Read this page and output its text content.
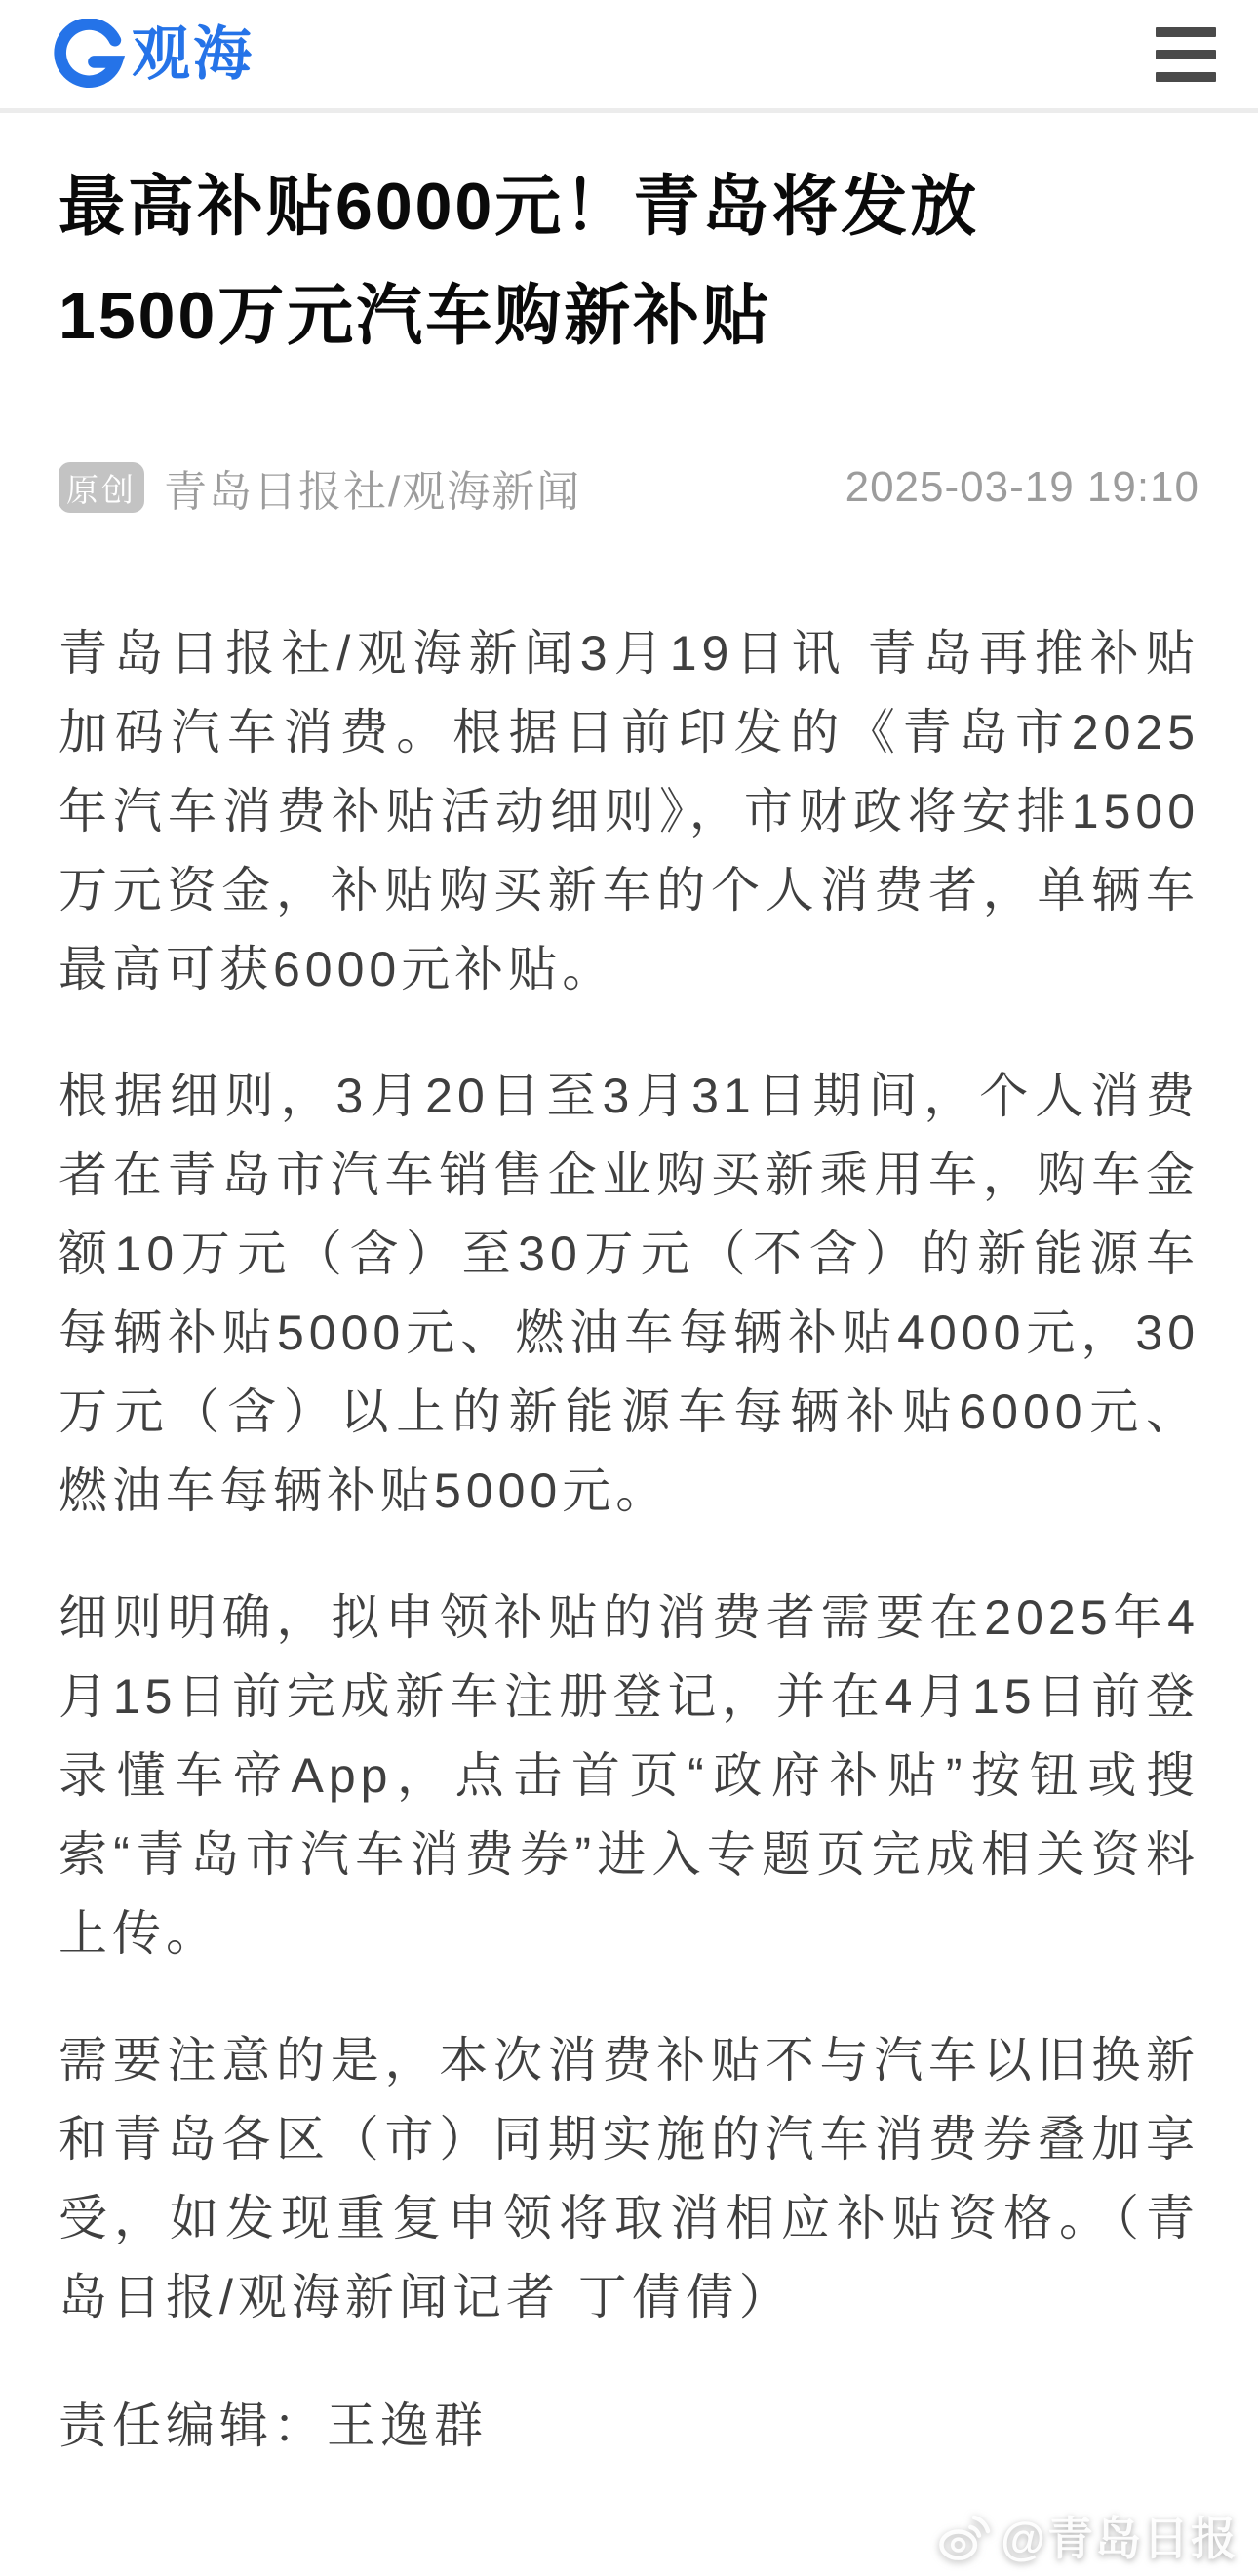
观海
最高补贴6000元！青岛将发放1500万元汽车购新补贴
原创 青岛日报社/观海新闻	2025-03-19 19:10

青岛日报社/观海新闻3月19日讯 青岛再推补贴加码汽车消费。根据日前印发的《青岛市2025年汽车消费补贴活动细则》，市财政将安排1500万元资金，补贴购买新车的个人消费者，单辆车最高可获6000元补贴。

根据细则，3月20日至3月31日期间，个人消费者在青岛市汽车销售企业购买新乘用车，购车金额10万元（含）至30万元（不含）的新能源车每辆补贴5000元、燃油车每辆补贴4000元，30万元（含）以上的新能源车每辆补贴6000元、燃油车每辆补贴5000元。

细则明确，拟申领补贴的消费者需要在2025年4月15日前完成新车注册登记，并在4月15日前登录懂车帝App，点击首页“政府补贴”按钮或搜索“青岛市汽车消费券”进入专题页完成相关资料上传。

需要注意的是，本次消费补贴不与汽车以旧换新和青岛各区（市）同期实施的汽车消费券叠加享受，如发现重复申领将取消相应补贴资格。（青岛日报/观海新闻记者 丁倩倩）

责任编辑：王逸群

@青岛日报
